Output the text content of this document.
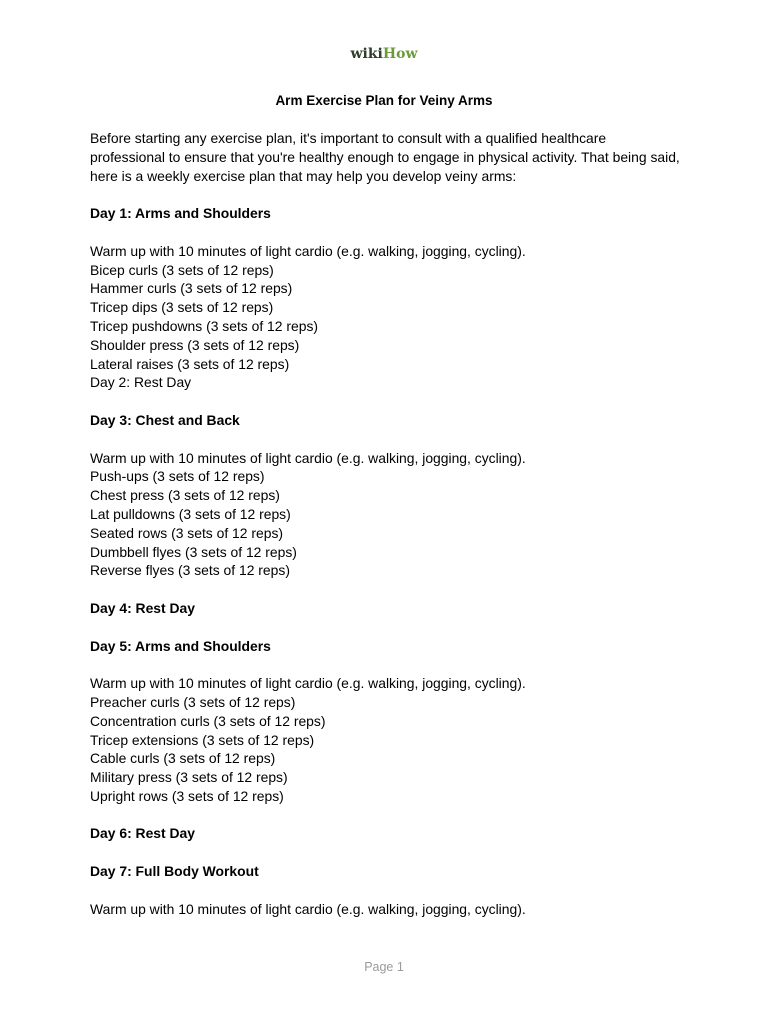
wikiHow
Arm Exercise Plan for Veiny Arms
Before starting any exercise plan, it's important to consult with a qualified healthcare
professional to ensure that you're healthy enough to engage in physical activity. That being said,
here is a weekly exercise plan that may help you develop veiny arms:
Day 1: Arms and Shoulders
Warm up with 10 minutes of light cardio (e.g. walking, jogging, cycling).
Bicep curls (3 sets of 12 reps)
Hammer curls (3 sets of 12 reps)
Tricep dips (3 sets of 12 reps)
Tricep pushdowns (3 sets of 12 reps)
Shoulder press (3 sets of 12 reps)
Lateral raises (3 sets of 12 reps)
Day 2: Rest Day
Day 3: Chest and Back
Warm up with 10 minutes of light cardio (e.g. walking, jogging, cycling).
Push-ups (3 sets of 12 reps)
Chest press (3 sets of 12 reps)
Lat pulldowns (3 sets of 12 reps)
Seated rows (3 sets of 12 reps)
Dumbbell flyes (3 sets of 12 reps)
Reverse flyes (3 sets of 12 reps)
Day 4: Rest Day
Day 5: Arms and Shoulders
Warm up with 10 minutes of light cardio (e.g. walking, jogging, cycling).
Preacher curls (3 sets of 12 reps)
Concentration curls (3 sets of 12 reps)
Tricep extensions (3 sets of 12 reps)
Cable curls (3 sets of 12 reps)
Military press (3 sets of 12 reps)
Upright rows (3 sets of 12 reps)
Day 6: Rest Day
Day 7: Full Body Workout
Warm up with 10 minutes of light cardio (e.g. walking, jogging, cycling).
Page 1
